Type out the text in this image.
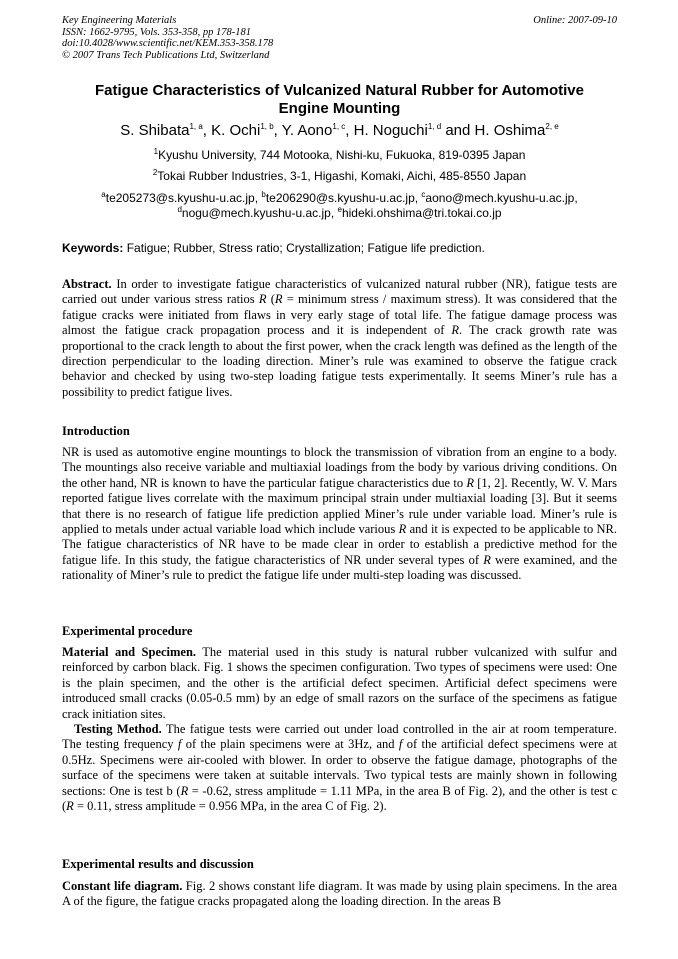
Key Engineering Materials
ISSN: 1662-9795, Vols. 353-358, pp 178-181
doi:10.4028/www.scientific.net/KEM.353-358.178
© 2007 Trans Tech Publications Ltd, Switzerland
Online: 2007-09-10
Fatigue Characteristics of Vulcanized Natural Rubber for Automotive
Engine Mounting
S. Shibata$^{1, a}$, K. Ochi$^{1, b}$, Y. Aono$^{1, c}$, H. Noguchi$^{1, d}$ and H. Oshima$^{2, e}$
$^1$Kyushu University, 744 Motooka, Nishi-ku, Fukuoka, 819-0395 Japan
$^2$Tokai Rubber Industries, 3-1, Higashi, Komaki, Aichi, 485-8550 Japan
$^a$te205273@s.kyushu-u.ac.jp, $^b$te206290@s.kyushu-u.ac.jp, $^c$aono@mech.kyushu-u.ac.jp,
$^d$nogu@mech.kyushu-u.ac.jp, $^e$hideki.ohshima@tri.tokai.co.jp
Keywords: Fatigue; Rubber, Stress ratio; Crystallization; Fatigue life prediction.
Abstract. In order to investigate fatigue characteristics of vulcanized natural rubber (NR), fatigue tests are carried out under various stress ratios R (R = minimum stress / maximum stress). It was considered that the fatigue cracks were initiated from flaws in very early stage of total life. The fatigue damage process was almost the fatigue crack propagation process and it is independent of R. The crack growth rate was proportional to the crack length to about the first power, when the crack length was defined as the length of the direction perpendicular to the loading direction. Miner’s rule was examined to observe the fatigue crack behavior and checked by using two-step loading fatigue tests experimentally. It seems Miner’s rule has a possibility to predict fatigue lives.
Introduction
NR is used as automotive engine mountings to block the transmission of vibration from an engine to a body. The mountings also receive variable and multiaxial loadings from the body by various driving conditions. On the other hand, NR is known to have the particular fatigue characteristics due to R [1, 2]. Recently, W. V. Mars reported fatigue lives correlate with the maximum principal strain under multiaxial loading [3]. But it seems that there is no research of fatigue life prediction applied Miner’s rule under variable load. Miner’s rule is applied to metals under actual variable load which include various R and it is expected to be applicable to NR. The fatigue characteristics of NR have to be made clear in order to establish a predictive method for the fatigue life. In this study, the fatigue characteristics of NR under several types of R were examined, and the rationality of Miner’s rule to predict the fatigue life under multi-step loading was discussed.
Experimental procedure
Material and Specimen. The material used in this study is natural rubber vulcanized with sulfur and reinforced by carbon black. Fig. 1 shows the specimen configuration. Two types of specimens were used: One is the plain specimen, and the other is the artificial defect specimen. Artificial defect specimens were introduced small cracks (0.05-0.5 mm) by an edge of small razors on the surface of the specimens as fatigue crack initiation sites.
Testing Method. The fatigue tests were carried out under load controlled in the air at room temperature. The testing frequency f of the plain specimens were at 3Hz, and f of the artificial defect specimens were at 0.5Hz. Specimens were air-cooled with blower. In order to observe the fatigue damage, photographs of the surface of the specimens were taken at suitable intervals. Two typical tests are mainly shown in following sections: One is test b (R = -0.62, stress amplitude = 1.11 MPa, in the area B of Fig. 2), and the other is test c (R = 0.11, stress amplitude = 0.956 MPa, in the area C of Fig. 2).
Experimental results and discussion
Constant life diagram. Fig. 2 shows constant life diagram. It was made by using plain specimens. In the area A of the figure, the fatigue cracks propagated along the loading direction. In the areas B
